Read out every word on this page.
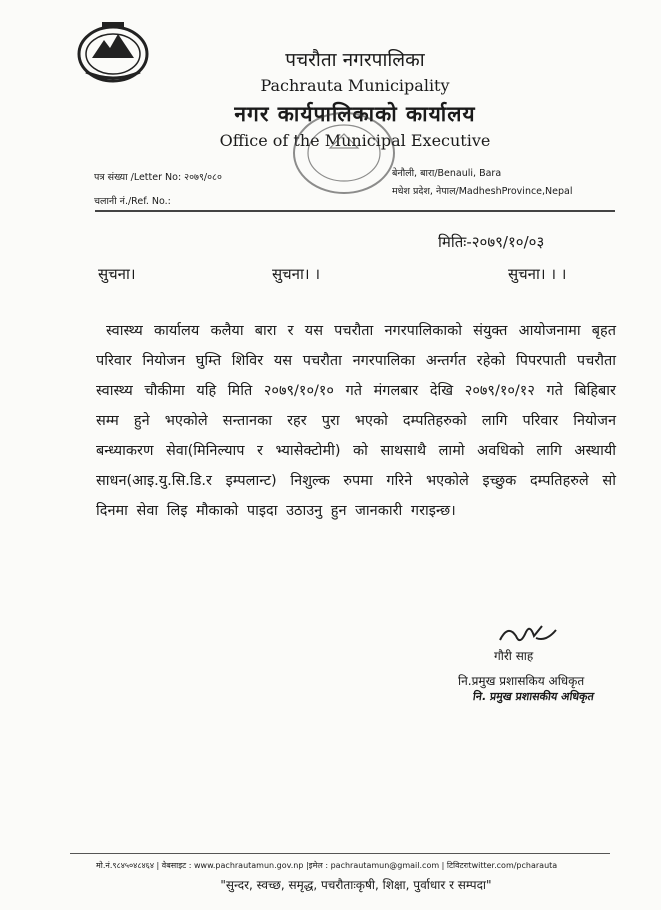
पचरौता नगरपालिका
Pachrauta Municipality
नगर कार्यपालिकाको कार्यालय
Office of the Municipal Executive
पत्र संख्या /Letter No: २०७९/०८०
चलानी नं./Ref. No.:
बेनौली, बारा/Benauli, Bara
मधेश प्रदेश, नेपाल/MadheshProvince,Nepal
मितिः-२०७९/१०/०३
सुचना।	सुचना। ।	सुचना। । ।
स्वास्थ्य कार्यालय कलैया बारा र यस पचरौता नगरपालिकाको संयुक्त आयोजनामा बृहत परिवार नियोजन घुम्ति शिविर यस पचरौता नगरपालिका अन्तर्गत रहेको पिपरपाती पचरौता स्वास्थ्य चौकीमा यहि मिति २०७९/१०/१० गते मंगलबार देखि २०७९/१०/१२ गते बिहिबार सम्म हुने भएकोले सन्तानका रहर पुरा भएको दम्पतिहरुको लागि परिवार नियोजन बन्ध्याकरण सेवा(मिनिल्याप र भ्यासेक्टोमी) को साथसाथै लामो अवधिको लागि अस्थायी साधन(आइ.यु.सि.डि.र इम्पलान्ट) निशुल्क रुपमा गरिने भएकोले इच्छुक दम्पतिहरुले सो दिनमा सेवा लिइ मौकाको पाइदा उठाउनु हुन जानकारी गराइन्छ।
गौरी साह
नि.प्रमुख प्रशासकिय अधिकृत
नि. प्रमुख प्रशासकीय अधिकृत
मो.नं.९८४५०४८४६४ | वेबसाइट : www.pachrautamun.gov.np |इमेल : pachrautamun@gmail.com | टिविटरःtwitter.com/pcharauta
"सुन्दर, स्वच्छ, समृद्ध, पचरौताःकृषी, शिक्षा, पुर्वाधार र सम्पदा"
